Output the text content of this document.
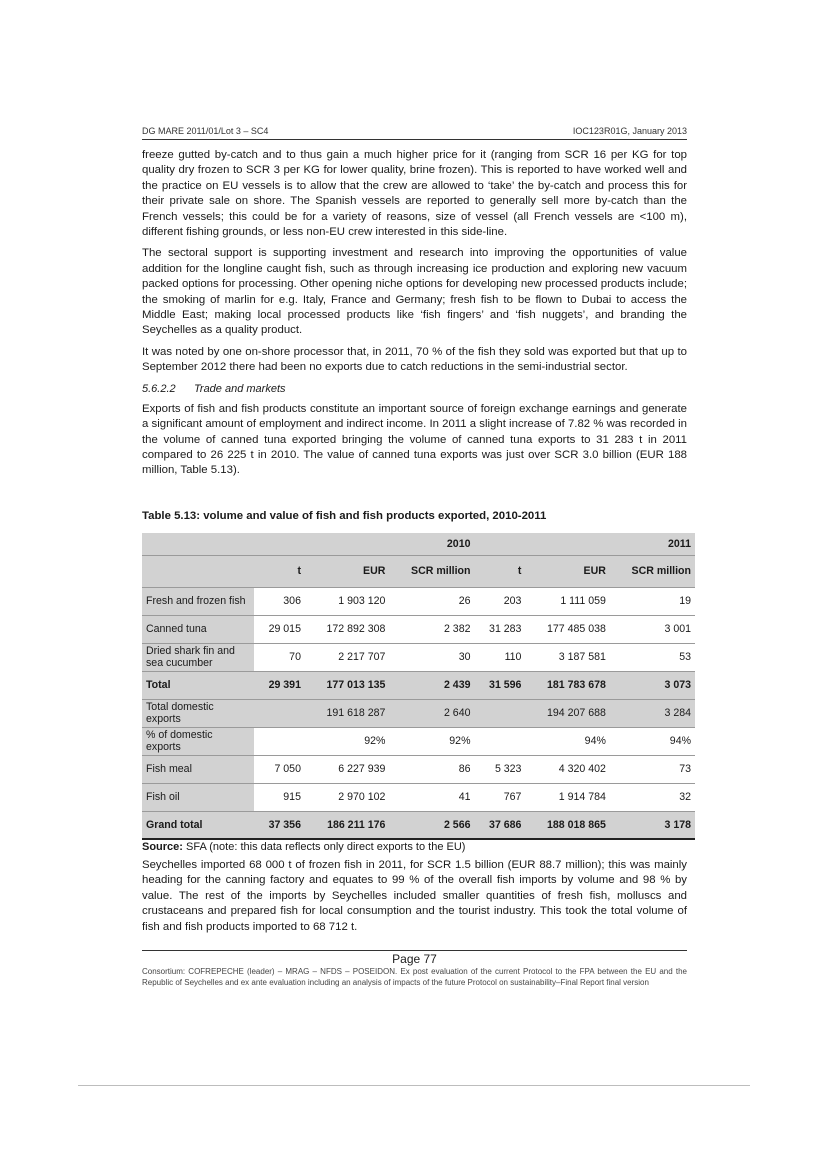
DG MARE 2011/01/Lot 3 – SC4	IOC123R01G, January 2013

freeze gutted by-catch and to thus gain a much higher price for it (ranging from SCR 16 per KG for top quality dry frozen to SCR 3 per KG for lower quality, brine frozen). This is reported to have worked well and the practice on EU vessels is to allow that the crew are allowed to ‘take’ the by-catch and process this for their private sale on shore. The Spanish vessels are reported to generally sell more by-catch than the French vessels; this could be for a variety of reasons, size of vessel (all French vessels are <100 m), different fishing grounds, or less non-EU crew interested in this side-line.

The sectoral support is supporting investment and research into improving the opportunities of value addition for the longline caught fish, such as through increasing ice production and exploring new vacuum packed options for processing. Other opening niche options for developing new processed products include; the smoking of marlin for e.g. Italy, France and Germany; fresh fish to be flown to Dubai to access the Middle East; making local processed products like ‘fish fingers’ and ‘fish nuggets’, and branding the Seychelles as a quality product.

It was noted by one on-shore processor that, in 2011, 70 % of the fish they sold was exported but that up to September 2012 there had been no exports due to catch reductions in the semi-industrial sector.

5.6.2.2 Trade and markets

Exports of fish and fish products constitute an important source of foreign exchange earnings and generate a significant amount of employment and indirect income. In 2011 a slight increase of 7.82 % was recorded in the volume of canned tuna exported bringing the volume of canned tuna exports to 31 283 t in 2011 compared to 26 225 t in 2010. The value of canned tuna exports was just over SCR 3.0 billion (EUR 188 million, Table 5.13).

Table 5.13: volume and value of fish and fish products exported, 2010-2011
			2010			2011
	t	EUR	SCR million	t	EUR	SCR million
Fresh and frozen fish	306	1 903 120	26	203	1 111 059	19
Canned tuna	29 015	172 892 308	2 382	31 283	177 485 038	3 001
Dried shark fin and sea cucumber	70	2 217 707	30	110	3 187 581	53
Total	29 391	177 013 135	2 439	31 596	181 783 678	3 073
Total domestic exports		191 618 287	2 640		194 207 688	3 284
% of domestic exports		92%	92%		94%	94%
Fish meal	7 050	6 227 939	86	5 323	4 320 402	73
Fish oil	915	2 970 102	41	767	1 914 784	32
Grand total	37 356	186 211 176	2 566	37 686	188 018 865	3 178
Source: SFA (note: this data reflects only direct exports to the EU)

Seychelles imported 68 000 t of frozen fish in 2011, for SCR 1.5 billion (EUR 88.7 million); this was mainly heading for the canning factory and equates to 99 % of the overall fish imports by volume and 98 % by value. The rest of the imports by Seychelles included smaller quantities of fresh fish, molluscs and crustaceans and prepared fish for local consumption and the tourist industry. This took the total volume of fish and fish products imported to 68 712 t.

Page 77
Consortium: COFREPECHE (leader) – MRAG – NFDS – POSEIDON. Ex post evaluation of the current Protocol to the FPA between the EU and the Republic of Seychelles and ex ante evaluation including an analysis of impacts of the future Protocol on sustainability–Final Report final version
